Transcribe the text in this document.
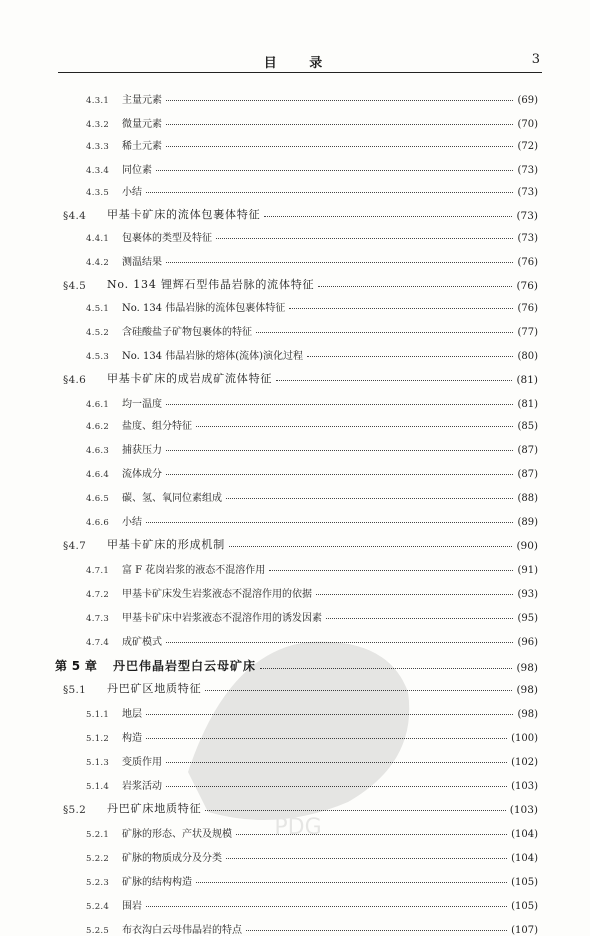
目 录	3
4.3.1	主量元素	(69)
4.3.2	微量元素	(70)
4.3.3	稀土元素	(72)
4.3.4	同位素	(73)
4.3.5	小结	(73)
§4.4	甲基卡矿床的流体包裹体特征	(73)
4.4.1	包裹体的类型及特征	(73)
4.4.2	测温结果	(76)
§4.5	No. 134 锂辉石型伟晶岩脉的流体特征	(76)
4.5.1	No. 134 伟晶岩脉的流体包裹体特征	(76)
4.5.2	含硅酸盐子矿物包裹体的特征	(77)
4.5.3	No. 134 伟晶岩脉的熔体(流体)演化过程	(80)
§4.6	甲基卡矿床的成岩成矿流体特征	(81)
4.6.1	均一温度	(81)
4.6.2	盐度、组分特征	(85)
4.6.3	捕获压力	(87)
4.6.4	流体成分	(87)
4.6.5	碳、氢、氧同位素组成	(88)
4.6.6	小结	(89)
§4.7	甲基卡矿床的形成机制	(90)
4.7.1	富 F 花岗岩浆的液态不混溶作用	(91)
4.7.2	甲基卡矿床发生岩浆液态不混溶作用的依据	(93)
4.7.3	甲基卡矿床中岩浆液态不混溶作用的诱发因素	(95)
4.7.4	成矿模式	(96)
第 5 章	丹巴伟晶岩型白云母矿床	(98)
§5.1	丹巴矿区地质特征	(98)
5.1.1	地层	(98)
5.1.2	构造	(100)
5.1.3	变质作用	(102)
5.1.4	岩浆活动	(103)
§5.2	丹巴矿床地质特征	(103)
5.2.1	矿脉的形态、产状及规模	(104)
5.2.2	矿脉的物质成分及分类	(104)
5.2.3	矿脉的结构构造	(105)
5.2.4	围岩	(105)
5.2.5	布衣沟白云母伟晶岩的特点	(107)
PDG
